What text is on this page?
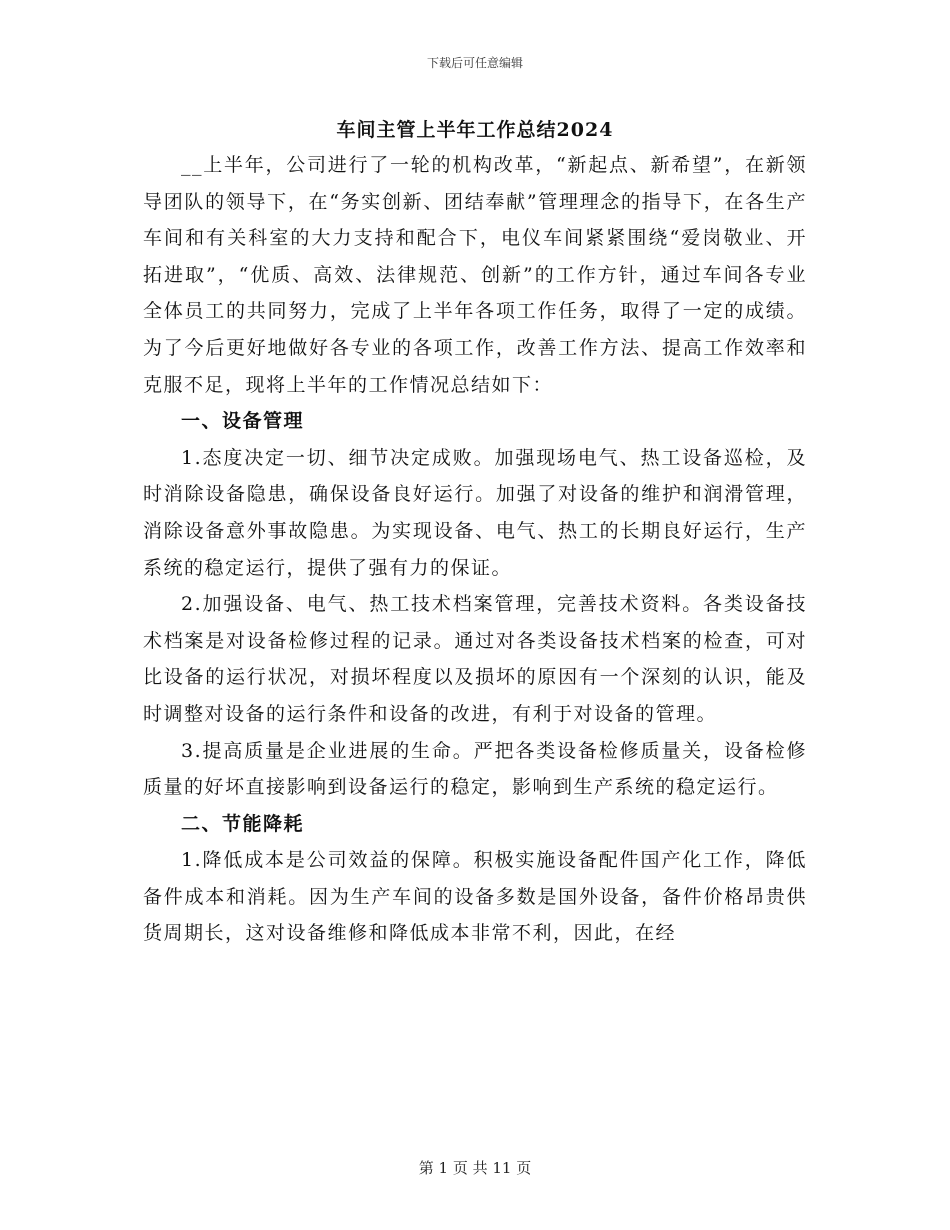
下载后可任意编辑
车间主管上半年工作总结2024

__上半年，公司进行了一轮的机构改革，“新起点、新希望”，在新领导团队的领导下，在“务实创新、团结奉献”管理理念的指导下，在各生产车间和有关科室的大力支持和配合下，电仪车间紧紧围绕“爱岗敬业、开拓进取”，“优质、高效、法律规范、创新”的工作方针，通过车间各专业全体员工的共同努力，完成了上半年各项工作任务，取得了一定的成绩。为了今后更好地做好各专业的各项工作，改善工作方法、提高工作效率和克服不足，现将上半年的工作情况总结如下：

一、设备管理

1.态度决定一切、细节决定成败。加强现场电气、热工设备巡检，及时消除设备隐患，确保设备良好运行。加强了对设备的维护和润滑管理，消除设备意外事故隐患。为实现设备、电气、热工的长期良好运行，生产系统的稳定运行，提供了强有力的保证。

2.加强设备、电气、热工技术档案管理，完善技术资料。各类设备技术档案是对设备检修过程的记录。通过对各类设备技术档案的检查，可对比设备的运行状况，对损坏程度以及损坏的原因有一个深刻的认识，能及时调整对设备的运行条件和设备的改进，有利于对设备的管理。

3.提高质量是企业进展的生命。严把各类设备检修质量关，设备检修质量的好坏直接影响到设备运行的稳定，影响到生产系统的稳定运行。

二、节能降耗

1.降低成本是公司效益的保障。积极实施设备配件国产化工作，降低备件成本和消耗。因为生产车间的设备多数是国外设备，备件价格昂贵供货周期长，这对设备维修和降低成本非常不利，因此，在经

第 1 页 共 11 页
